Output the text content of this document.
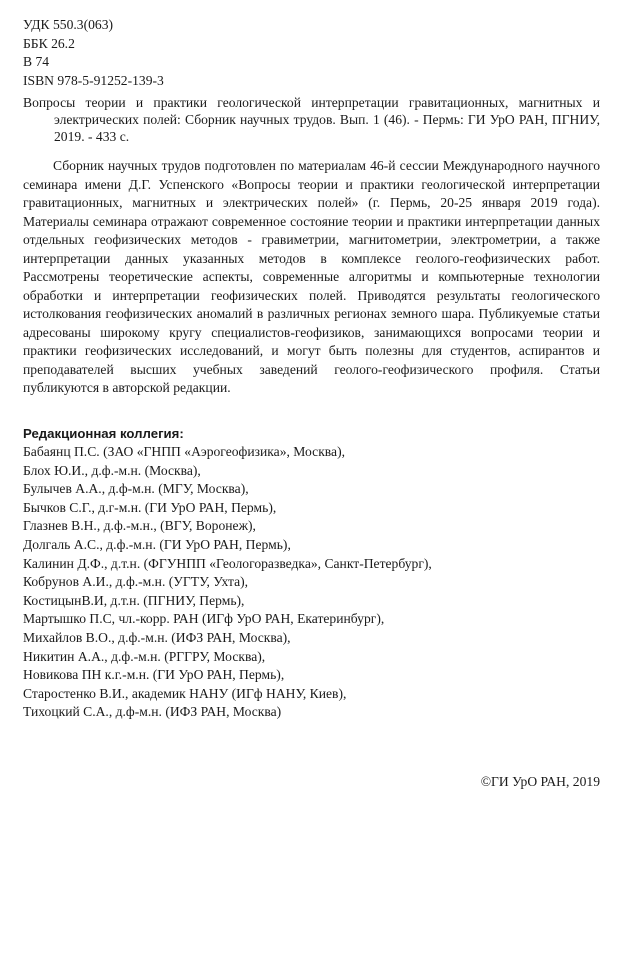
УДК 550.3(063)
ББК 26.2
В 74
ISBN 978-5-91252-139-3
Вопросы теории и практики геологической интерпретации гравитационных, магнитных и электрических полей: Сборник научных трудов. Вып. 1 (46). - Пермь: ГИ УрО РАН, ПГНИУ, 2019. - 433 с.
Сборник научных трудов подготовлен по материалам 46-й сессии Международного научного семинара имени Д.Г. Успенского «Вопросы теории и практики геологической интерпретации гравитационных, магнитных и электрических полей» (г. Пермь, 20-25 января 2019 года). Материалы семинара отражают современное состояние теории и практики интерпретации данных отдельных геофизических методов - гравиметрии, магнитометрии, электрометрии, а также интерпретации данных указанных методов в комплексе геолого-геофизических работ. Рассмотрены теоретические аспекты, современные алгоритмы и компьютерные технологии обработки и интерпретации геофизических полей. Приводятся результаты геологического истолкования геофизических аномалий в различных регионах земного шара. Публикуемые статьи адресованы широкому кругу специалистов-геофизиков, занимающихся вопросами теории и практики геофизических исследований, и могут быть полезны для студентов, аспирантов и преподавателей высших учебных заведений геолого-геофизического профиля. Статьи публикуются в авторской редакции.
Редакционная коллегия:
Бабаянц П.С. (ЗАО «ГНПП «Аэрогеофизика», Москва),
Блох Ю.И., д.ф.-м.н. (Москва),
Булычев А.А., д.ф-м.н. (МГУ, Москва),
Бычков С.Г., д.г-м.н. (ГИ УрО РАН, Пермь),
Глазнев В.Н., д.ф.-м.н., (ВГУ, Воронеж),
Долгаль А.С., д.ф.-м.н. (ГИ УрО РАН, Пермь),
Калинин Д.Ф., д.т.н. (ФГУНПП «Геологоразведка», Санкт-Петербург),
Кобрунов А.И., д.ф.-м.н. (УГТУ, Ухта),
КостицынВ.И, д.т.н. (ПГНИУ, Пермь),
Мартышко П.С, чл.-корр. РАН (ИГф УрО РАН, Екатеринбург),
Михайлов В.О., д.ф.-м.н. (ИФЗ РАН, Москва),
Никитин А.А., д.ф.-м.н. (РГГРУ, Москва),
Новикова ПН к.г.-м.н. (ГИ УрО РАН, Пермь),
Старостенко В.И., академик НАНУ (ИГф НАНУ, Киев),
Тихоцкий С.А., д.ф-м.н. (ИФЗ РАН, Москва)
©ГИ УрО РАН, 2019
